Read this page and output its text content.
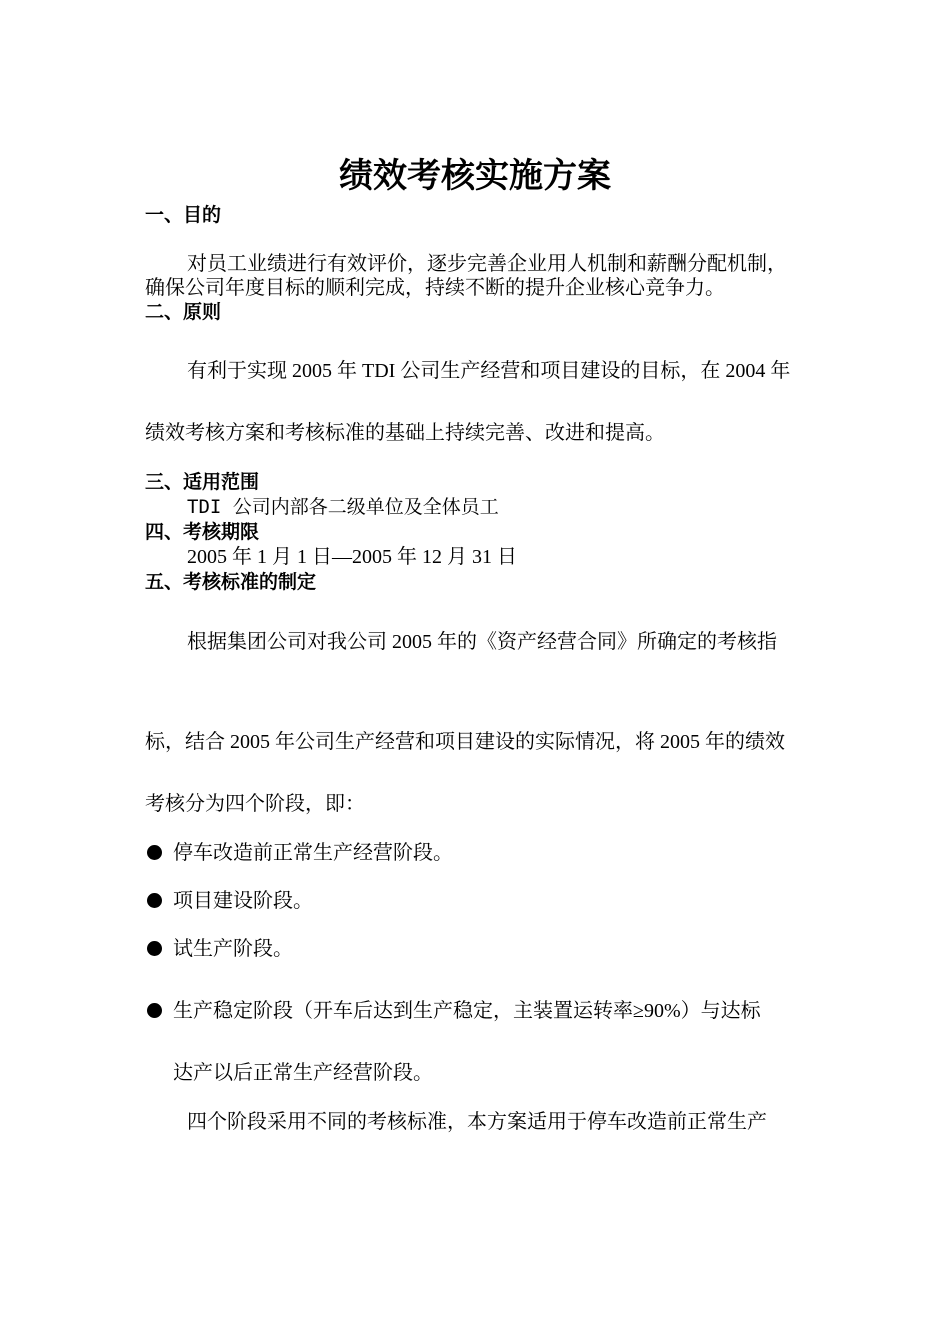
绩效考核实施方案
一、目的
对员工业绩进行有效评价，逐步完善企业用人机制和薪酬分配机制，
确保公司年度目标的顺利完成，持续不断的提升企业核心竞争力。
二、原则
有利于实现 2005 年 TDI 公司生产经营和项目建设的目标，在 2004 年
绩效考核方案和考核标准的基础上持续完善、改进和提高。
三、适用范围
TDI 公司内部各二级单位及全体员工
四、考核期限
2005 年 1 月 1 日—2005 年 12 月 31 日
五、考核标准的制定
根据集团公司对我公司 2005 年的《资产经营合同》所确定的考核指
标，结合 2005 年公司生产经营和项目建设的实际情况，将 2005 年的绩效
考核分为四个阶段，即：
停车改造前正常生产经营阶段。
项目建设阶段。
试生产阶段。
生产稳定阶段（开车后达到生产稳定，主装置运转率≥90%）与达标
达产以后正常生产经营阶段。
四个阶段采用不同的考核标准，本方案适用于停车改造前正常生产
